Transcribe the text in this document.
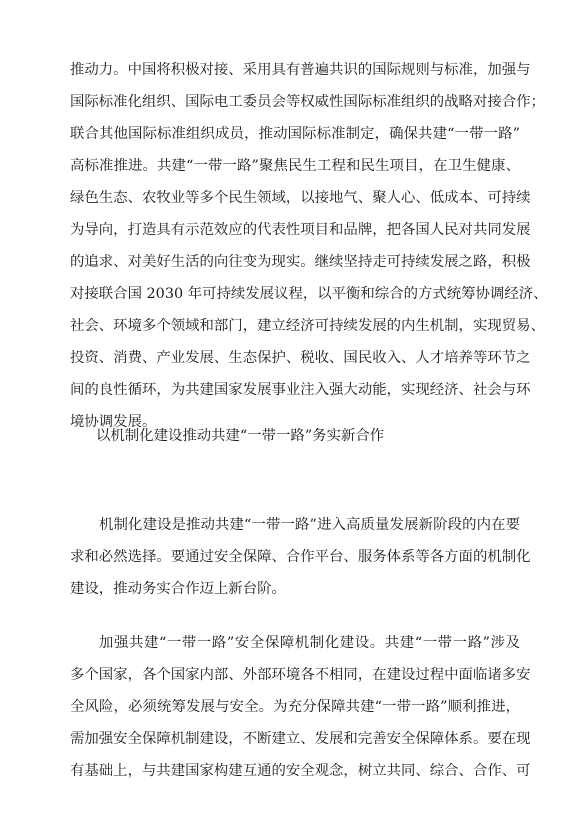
推动力。中国将积极对接、采用具有普遍共识的国际规则与标准，加强与
国际标准化组织、国际电工委员会等权威性国际标准组织的战略对接合作；
联合其他国际标准组织成员，推动国际标准制定，确保共建“一带一路”
高标准推进。共建“一带一路”聚焦民生工程和民生项目，在卫生健康、
绿色生态、农牧业等多个民生领域，以接地气、聚人心、低成本、可持续
为导向，打造具有示范效应的代表性项目和品牌，把各国人民对共同发展
的追求、对美好生活的向往变为现实。继续坚持走可持续发展之路，积极
对接联合国 2030 年可持续发展议程，以平衡和综合的方式统筹协调经济、
社会、环境多个领域和部门，建立经济可持续发展的内生机制，实现贸易、
投资、消费、产业发展、生态保护、税收、国民收入、人才培养等环节之
间的良性循环，为共建国家发展事业注入强大动能，实现经济、社会与环
境协调发展。
以机制化建设推动共建“一带一路”务实新合作
机制化建设是推动共建“一带一路”进入高质量发展新阶段的内在要
求和必然选择。要通过安全保障、合作平台、服务体系等各方面的机制化
建设，推动务实合作迈上新台阶。
加强共建“一带一路”安全保障机制化建设。共建“一带一路”涉及
多个国家，各个国家内部、外部环境各不相同，在建设过程中面临诸多安
全风险，必须统筹发展与安全。为充分保障共建“一带一路”顺利推进，
需加强安全保障机制建设，不断建立、发展和完善安全保障体系。要在现
有基础上，与共建国家构建互通的安全观念，树立共同、综合、合作、可
